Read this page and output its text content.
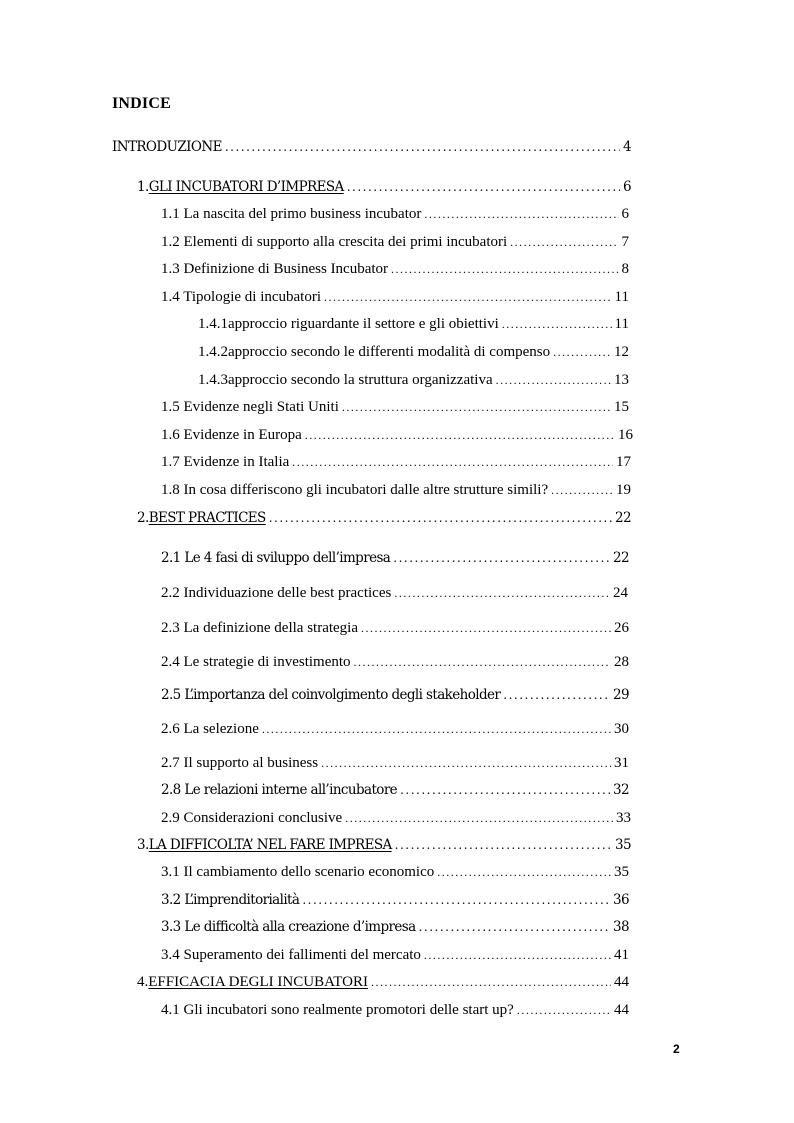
INDICE
INTRODUZIONE .....	4
1. GLI INCUBATORI D’IMPRESA .....	6
1.1 La nascita del primo business incubator .....	6
1.2 Elementi di supporto alla crescita dei primi incubatori .....	7
1.3 Definizione di Business Incubator .....	8
1.4 Tipologie di incubatori .....	11
1.4.1 approccio riguardante il settore e gli obiettivi .....	11
1.4.2 approccio secondo le differenti modalità di compenso .....	12
1.4.3 approccio secondo la struttura organizzativa .....	13
1.5 Evidenze negli Stati Uniti .....	15
1.6 Evidenze in Europa .....	16
1.7 Evidenze in Italia .....	17
1.8 In cosa differiscono gli incubatori dalle altre strutture simili? .....	19
2. BEST PRACTICES .....	22
2.1 Le 4 fasi di sviluppo dell’impresa .....	22
2.2 Individuazione delle best practices .....	24
2.3 La definizione della strategia .....	26
2.4 Le strategie di investimento .....	28
2.5 L’importanza del coinvolgimento degli stakeholder .....	29
2.6 La selezione .....	30
2.7 Il supporto al business .....	31
2.8 Le relazioni interne all’incubatore .....	32
2.9 Considerazioni conclusive .....	33
3. LA DIFFICOLTA’ NEL FARE IMPRESA .....	35
3.1 Il cambiamento dello scenario economico .....	35
3.2 L’imprenditorialità .....	36
3.3 Le difficoltà alla creazione d’impresa .....	38
3.4 Superamento dei fallimenti del mercato .....	41
4. EFFICACIA DEGLI INCUBATORI .....	44
4.1 Gli incubatori sono realmente promotori delle start up? .....	44
2
